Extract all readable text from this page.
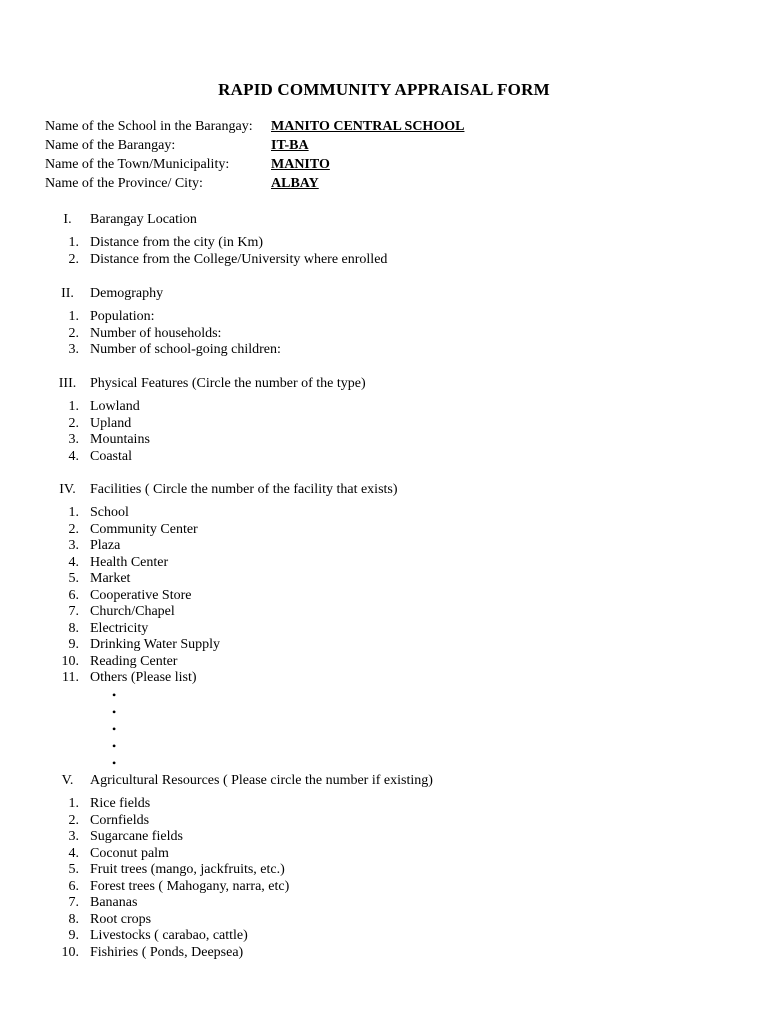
RAPID COMMUNITY APPRAISAL FORM
Name of the School in the Barangay:	MANITO CENTRAL SCHOOL
Name of the Barangay:	IT-BA
Name of the Town/Municipality:	MANITO
Name of the Province/ City:	ALBAY
I.	Barangay Location
1. Distance from the city (in Km)
2. Distance from the College/University where enrolled
II.	Demography
1. Population:
2. Number of households:
3. Number of school-going children:
III. Physical Features (Circle the number of the type)
1. Lowland
2. Upland
3. Mountains
4. Coastal
IV.	Facilities ( Circle the number of the facility that exists)
1. School
2. Community Center
3. Plaza
4. Health Center
5. Market
6. Cooperative Store
7. Church/Chapel
8. Electricity
9. Drinking Water Supply
10. Reading Center
11. Others (Please list)
•
•
•
•
•
V.	Agricultural Resources ( Please circle the number if existing)
1. Rice fields
2. Cornfields
3. Sugarcane fields
4. Coconut palm
5. Fruit trees (mango, jackfruits, etc.)
6. Forest trees ( Mahogany, narra, etc)
7. Bananas
8. Root crops
9. Livestocks ( carabao, cattle)
10. Fishiries ( Ponds, Deepsea)
